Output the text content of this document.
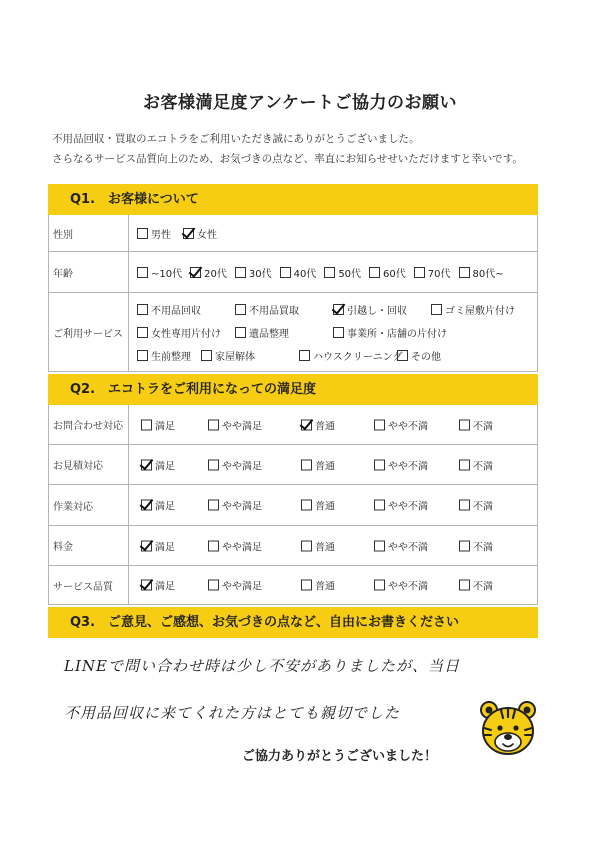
お客様満足度アンケートご協力のお願い
不用品回収・買取のエコトラをご利用いただき誠にありがとうございました。
さらなるサービス品質向上のため、お気づきの点など、率直にお知らせせいただけますと幸いです。
Q1.　お客様について
性別	男性	女性
年齢	~10代 20代 30代 40代 50代 60代 70代 80代~
ご利用サービス
不用品回収	不用品買取	引越し・回収	ゴミ屋敷片付け
女性専用片付け	遺品整理	事業所・店舗の片付け
生前整理 家屋解体	ハウスクリーニング その他
Q2.　エコトラをご利用になっての満足度
お問合わせ対応	満足	やや満足	普通	やや不満	不満
お見積対応	満足	やや満足	普通	やや不満	不満
作業対応	満足	やや満足	普通	やや不満	不満
料金	満足	やや満足	普通	やや不満	不満
サービス品質	満足	やや満足	普通	やや不満	不満
Q3.　ご意見、ご感想、お気づきの点など、自由にお書きください
LINEで問い合わせ時は少し不安がありましたが、当日
不用品回収に来てくれた方はとても親切でした
ご協力ありがとうございました！
